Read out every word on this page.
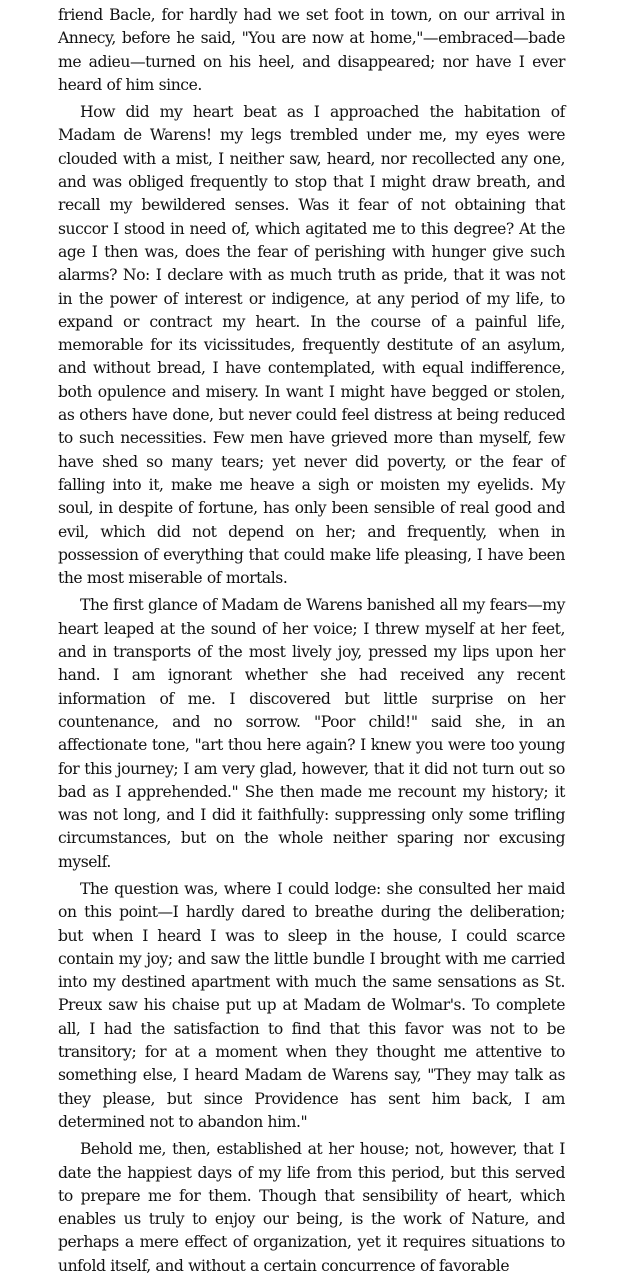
friend Bacle, for hardly had we set foot in town, on our arrival in Annecy, before he said, "You are now at home,"—embraced—bade me adieu—turned on his heel, and disappeared; nor have I ever heard of him since.

How did my heart beat as I approached the habitation of Madam de Warens! my legs trembled under me, my eyes were clouded with a mist, I neither saw, heard, nor recollected any one, and was obliged frequently to stop that I might draw breath, and recall my bewildered senses. Was it fear of not obtaining that succor I stood in need of, which agitated me to this degree? At the age I then was, does the fear of perishing with hunger give such alarms? No: I declare with as much truth as pride, that it was not in the power of interest or indigence, at any period of my life, to expand or contract my heart. In the course of a painful life, memorable for its vicissitudes, frequently destitute of an asylum, and without bread, I have contemplated, with equal indifference, both opulence and misery. In want I might have begged or stolen, as others have done, but never could feel distress at being reduced to such necessities. Few men have grieved more than myself, few have shed so many tears; yet never did poverty, or the fear of falling into it, make me heave a sigh or moisten my eyelids. My soul, in despite of fortune, has only been sensible of real good and evil, which did not depend on her; and frequently, when in possession of everything that could make life pleasing, I have been the most miserable of mortals.

The first glance of Madam de Warens banished all my fears—my heart leaped at the sound of her voice; I threw myself at her feet, and in transports of the most lively joy, pressed my lips upon her hand. I am ignorant whether she had received any recent information of me. I discovered but little surprise on her countenance, and no sorrow. "Poor child!" said she, in an affectionate tone, "art thou here again? I knew you were too young for this journey; I am very glad, however, that it did not turn out so bad as I apprehended." She then made me recount my history; it was not long, and I did it faithfully: suppressing only some trifling circumstances, but on the whole neither sparing nor excusing myself.

The question was, where I could lodge: she consulted her maid on this point—I hardly dared to breathe during the deliberation; but when I heard I was to sleep in the house, I could scarce contain my joy; and saw the little bundle I brought with me carried into my destined apartment with much the same sensations as St. Preux saw his chaise put up at Madam de Wolmar's. To complete all, I had the satisfaction to find that this favor was not to be transitory; for at a moment when they thought me attentive to something else, I heard Madam de Warens say, "They may talk as they please, but since Providence has sent him back, I am determined not to abandon him."

Behold me, then, established at her house; not, however, that I date the happiest days of my life from this period, but this served to prepare me for them. Though that sensibility of heart, which enables us truly to enjoy our being, is the work of Nature, and perhaps a mere effect of organization, yet it requires situations to unfold itself, and without a certain concurrence of favorable
